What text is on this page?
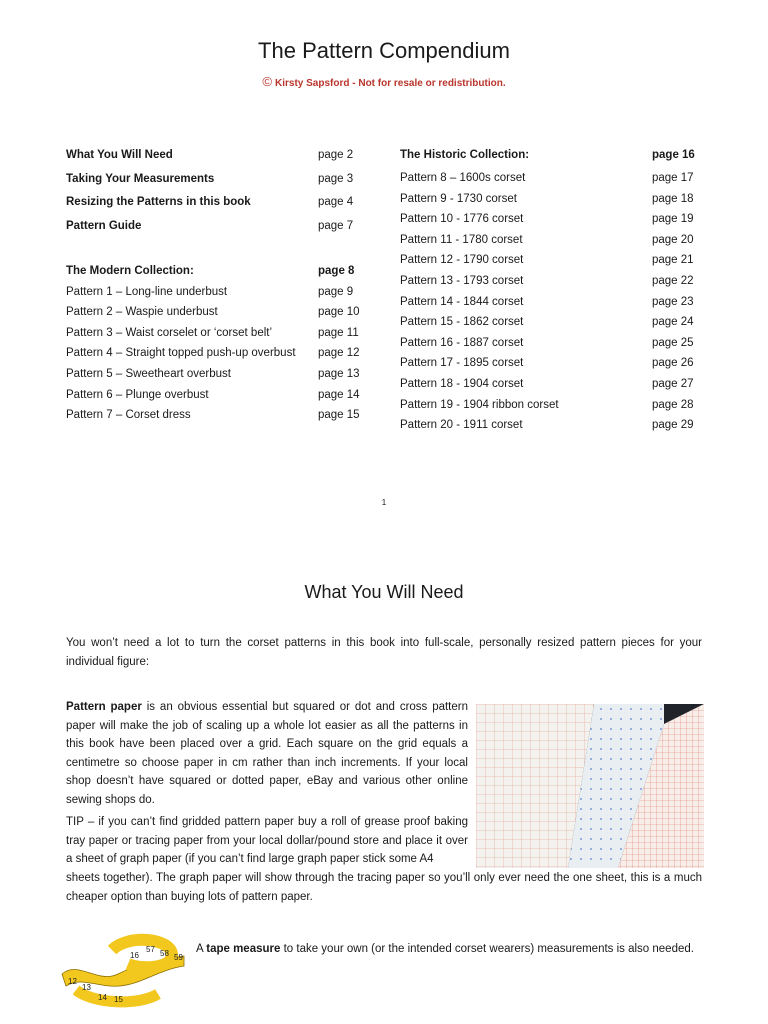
The Pattern Compendium
© Kirsty Sapsford - Not for resale or redistribution.
What You Will Need	page 2
Taking Your Measurements	page 3
Resizing the Patterns in this book	page 4
Pattern Guide	page 7
The Modern Collection:	page 8
Pattern 1 – Long-line underbust	page 9
Pattern 2 – Waspie underbust	page 10
Pattern 3 – Waist corselet or ‘corset belt’	page 11
Pattern 4 – Straight topped push-up overbust page 12
Pattern 5 – Sweetheart overbust	page 13
Pattern 6 – Plunge overbust	page 14
Pattern 7 – Corset dress	page 15
The Historic Collection:	page 16
Pattern 8 – 1600s corset	page 17
Pattern 9 - 1730 corset	page 18
Pattern 10 - 1776 corset	page 19
Pattern 11 - 1780 corset	page 20
Pattern 12 - 1790 corset	page 21
Pattern 13 - 1793 corset	page 22
Pattern 14 - 1844 corset	page 23
Pattern 15 - 1862 corset	page 24
Pattern 16 - 1887 corset	page 25
Pattern 17 - 1895 corset	page 26
Pattern 18 - 1904 corset	page 27
Pattern 19 - 1904 ribbon corset	page 28
Pattern 20 - 1911 corset	page 29
1
What You Will Need

You won’t need a lot to turn the corset patterns in this book into full-scale, personally resized pattern pieces for your individual figure:

Pattern paper is an obvious essential but squared or dot and cross pattern paper will make the job of scaling up a whole lot easier as all the patterns in this book have been placed over a grid. Each square on the grid equals a centimetre so choose paper in cm rather than inch increments. If your local shop doesn’t have squared or dotted paper, eBay and various other online sewing shops do.

TIP – if you can’t find gridded pattern paper buy a roll of grease proof baking tray paper or tracing paper from your local dollar/pound store and place it over a sheet of graph paper (if you can’t find large graph paper stick some A4

sheets together). The graph paper will show through the tracing paper so you’ll only ever need the one sheet, this is a much cheaper option than buying lots of pattern paper.

12
13
14 15
16
57 58 59

A tape measure to take your own (or the intended corset wearers) measurements is also needed.
